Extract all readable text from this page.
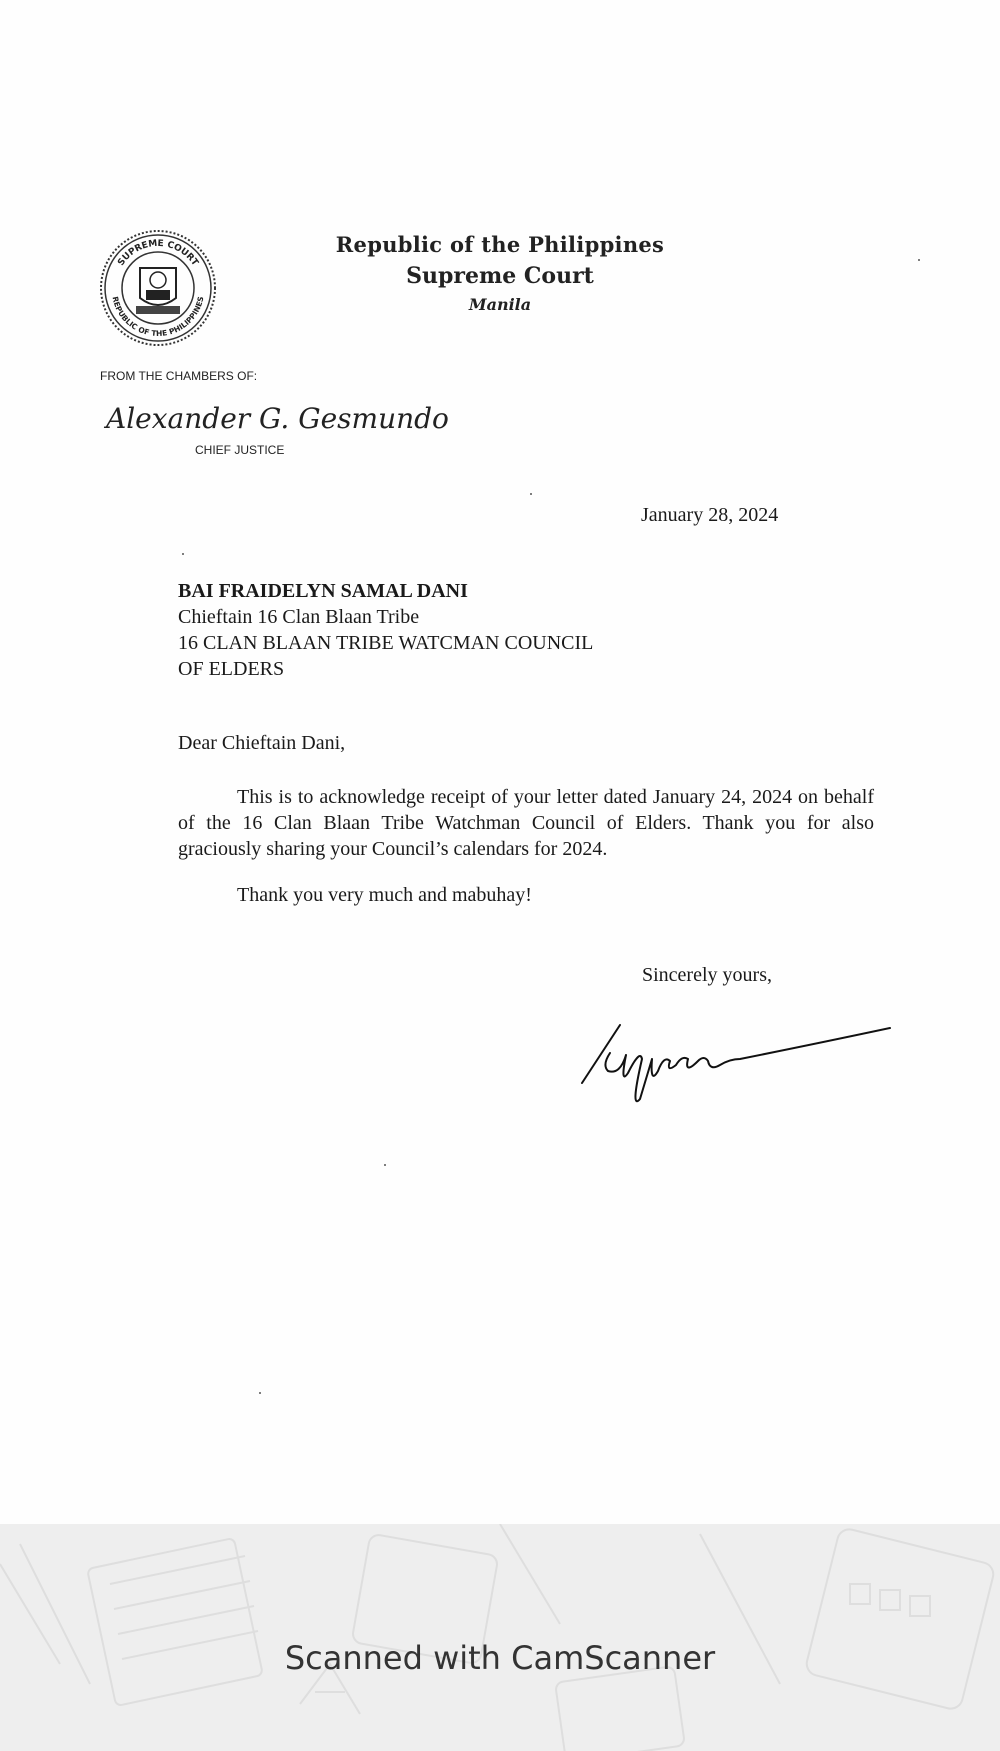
SUPREME COURT
REPUBLIC OF THE PHILIPPINES
Republic of the Philippines
Supreme Court
Manila
FROM THE CHAMBERS OF:
Alexander G. Gesmundo
CHIEF JUSTICE
January 28, 2024
BAI FRAIDELYN SAMAL DANI
Chieftain 16 Clan Blaan Tribe
16 CLAN BLAAN TRIBE WATCMAN COUNCIL
OF ELDERS
Dear Chieftain Dani,
This is to acknowledge receipt of your letter dated January 24, 2024 on behalf of the 16 Clan Blaan Tribe Watchman Council of Elders. Thank you for also graciously sharing your Council’s calendars for 2024.
Thank you very much and mabuhay!
Sincerely yours,
Scanned with CamScanner
